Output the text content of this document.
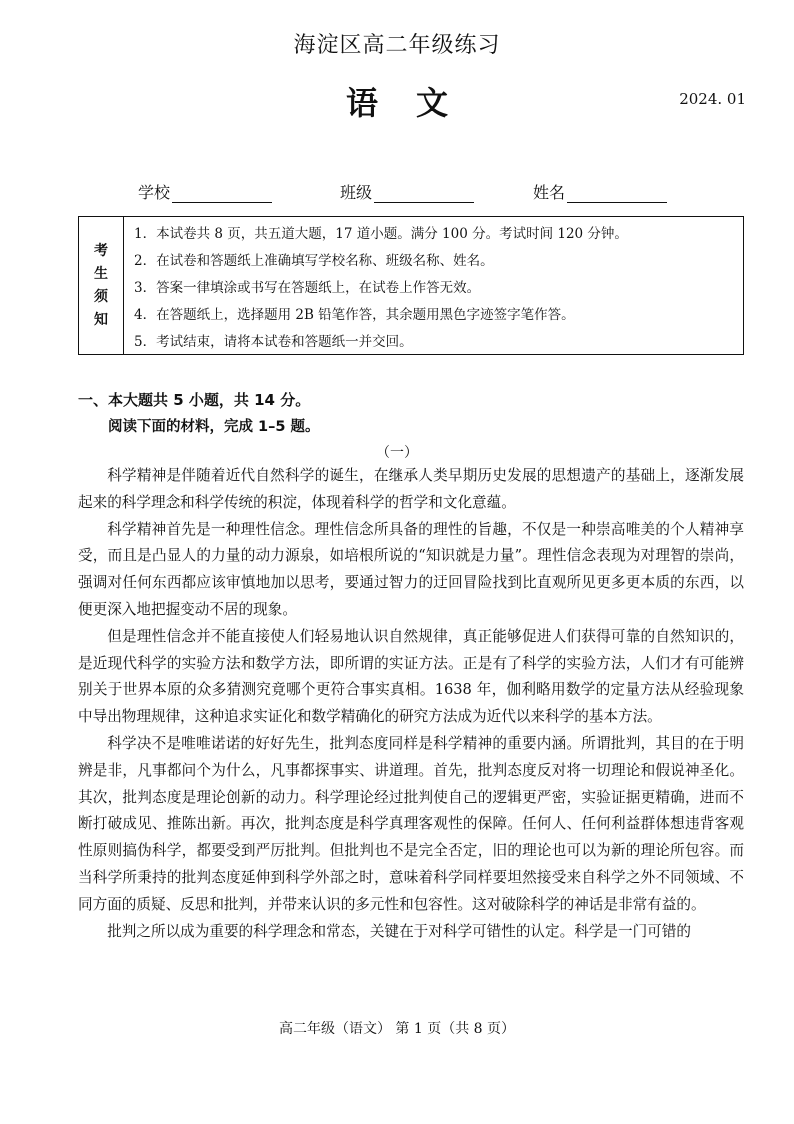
海淀区高二年级练习
语文	2024. 01
学校	班级	姓名
考
生
须
知
1．本试卷共 8 页，共五道大题，17 道小题。满分 100 分。考试时间 120 分钟。
2．在试卷和答题纸上准确填写学校名称、班级名称、姓名。
3．答案一律填涂或书写在答题纸上，在试卷上作答无效。
4．在答题纸上，选择题用 2B 铅笔作答，其余题用黑色字迹签字笔作答。
5．考试结束，请将本试卷和答题纸一并交回。
一、本大题共 5 小题，共 14 分。
阅读下面的材料，完成 1–5 题。
（一）

科学精神是伴随着近代自然科学的诞生，在继承人类早期历史发展的思想遗产的基础上，逐渐发展起来的科学理念和科学传统的积淀，体现着科学的哲学和文化意蕴。

科学精神首先是一种理性信念。理性信念所具备的理性的旨趣，不仅是一种崇高唯美的个人精神享受，而且是凸显人的力量的动力源泉，如培根所说的“知识就是力量”。理性信念表现为对理智的崇尚，强调对任何东西都应该审慎地加以思考，要通过智力的迂回冒险找到比直观所见更多更本质的东西，以便更深入地把握变动不居的现象。

但是理性信念并不能直接使人们轻易地认识自然规律，真正能够促进人们获得可靠的自然知识的，是近现代科学的实验方法和数学方法，即所谓的实证方法。正是有了科学的实验方法，人们才有可能辨别关于世界本原的众多猜测究竟哪个更符合事实真相。1638 年，伽利略用数学的定量方法从经验现象中导出物理规律，这种追求实证化和数学精确化的研究方法成为近代以来科学的基本方法。

科学决不是唯唯诺诺的好好先生，批判态度同样是科学精神的重要内涵。所谓批判，其目的在于明辨是非，凡事都问个为什么，凡事都探事实、讲道理。首先，批判态度反对将一切理论和假说神圣化。其次，批判态度是理论创新的动力。科学理论经过批判使自己的逻辑更严密，实验证据更精确，进而不断打破成见、推陈出新。再次，批判态度是科学真理客观性的保障。任何人、任何利益群体想违背客观性原则搞伪科学，都要受到严厉批判。但批判也不是完全否定，旧的理论也可以为新的理论所包容。而当科学所秉持的批判态度延伸到科学外部之时，意味着科学同样要坦然接受来自科学之外不同领域、不同方面的质疑、反思和批判，并带来认识的多元性和包容性。这对破除科学的神话是非常有益的。

批判之所以成为重要的科学理念和常态，关键在于对科学可错性的认定。科学是一门可错的

高二年级（语文） 第 1 页（共 8 页）
